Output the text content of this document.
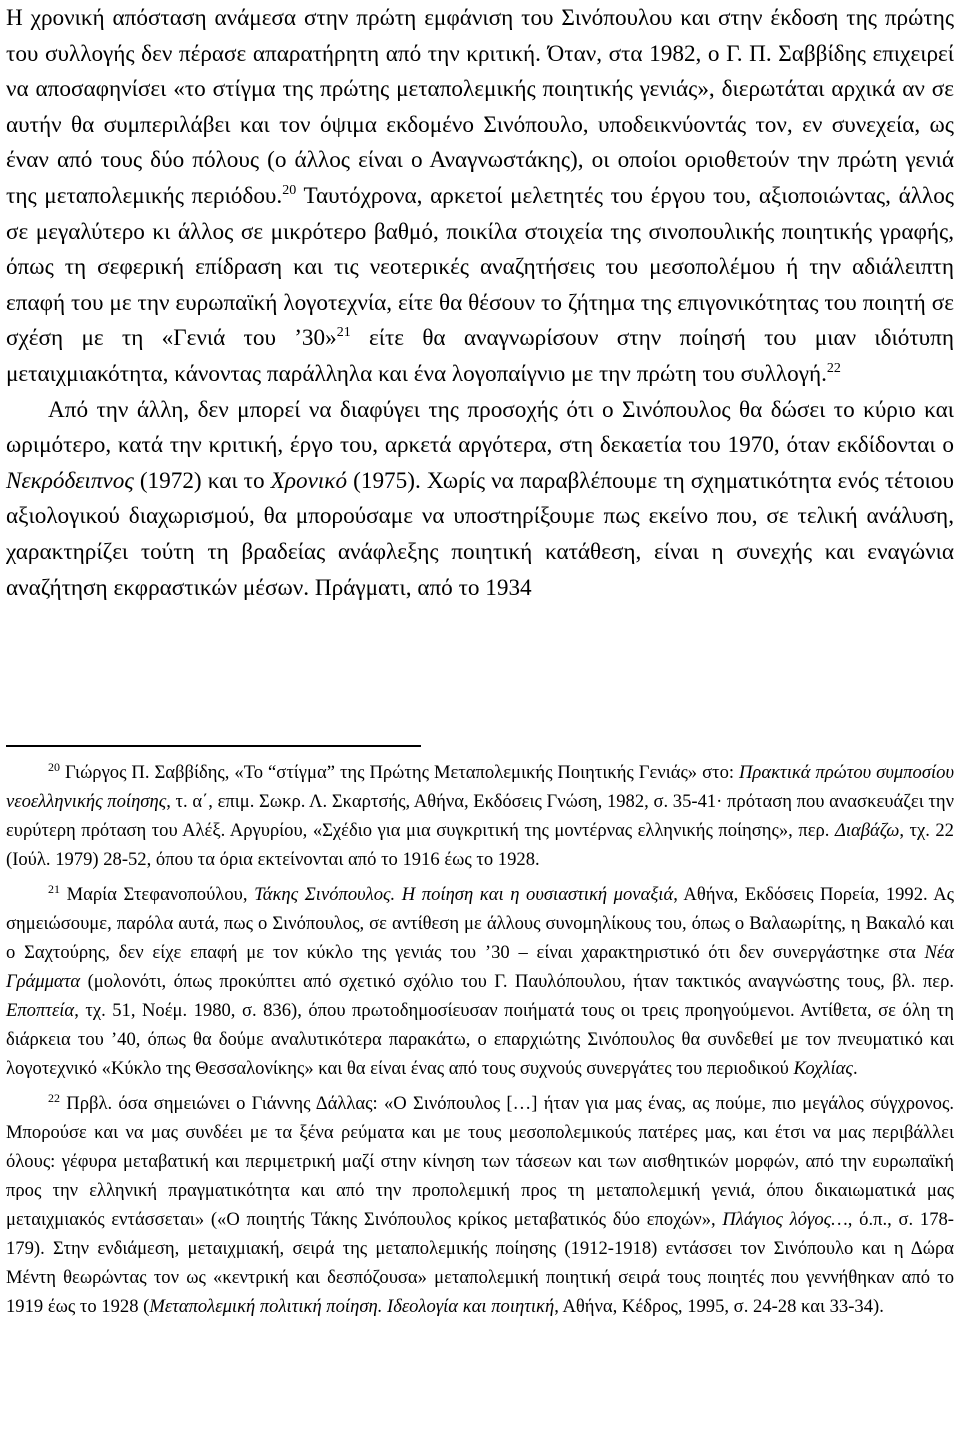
Η χρονική απόσταση ανάμεσα στην πρώτη εμφάνιση του Σινόπουλου και στην έκδοση της πρώτης του συλλογής δεν πέρασε απαρατήρητη από την κριτική. Όταν, στα 1982, ο Γ. Π. Σαββίδης επιχειρεί να αποσαφηνίσει «το στίγμα της πρώτης μεταπολεμικής ποιητικής γενιάς», διερωτάται αρχικά αν σε αυτήν θα συμπεριλάβει και τον όψιμα εκδομένο Σινόπουλο, υποδεικνύοντάς τον, εν συνεχεία, ως έναν από τους δύο πόλους (ο άλλος είναι ο Αναγνωστάκης), οι οποίοι οριοθετούν την πρώτη γενιά της μεταπολεμικής περιόδου.$^{20}$ Ταυτόχρονα, αρκετοί μελετητές του έργου του, αξιοποιώντας, άλλος σε μεγαλύτερο κι άλλος σε μικρότερο βαθμό, ποικίλα στοιχεία της σινοπουλικής ποιητικής γραφής, όπως τη σεφερική επίδραση και τις νεοτερικές αναζητήσεις του μεσοπολέμου ή την αδιάλειπτη επαφή του με την ευρωπαϊκή λογοτεχνία, είτε θα θέσουν το ζήτημα της επιγονικότητας του ποιητή σε σχέση με τη «Γενιά του ’30»$^{21}$ είτε θα αναγνωρίσουν στην ποίησή του μιαν ιδιότυπη μεταιχμιακότητα, κάνοντας παράλληλα και ένα λογοπαίγνιο με την πρώτη του συλλογή.$^{22}$

Από την άλλη, δεν μπορεί να διαφύγει της προσοχής ότι ο Σινόπουλος θα δώσει το κύριο και ωριμότερο, κατά την κριτική, έργο του, αρκετά αργότερα, στη δεκαετία του 1970, όταν εκδίδονται ο Νεκρόδειπνος (1972) και το Χρονικό (1975). Χωρίς να παραβλέπουμε τη σχηματικότητα ενός τέτοιου αξιολογικού διαχωρισμού, θα μπορούσαμε να υποστηρίξουμε πως εκείνο που, σε τελική ανάλυση, χαρακτηρίζει τούτη τη βραδείας ανάφλεξης ποιητική κατάθεση, είναι η συνεχής και εναγώνια αναζήτηση εκφραστικών μέσων. Πράγματι, από το 1934

$^{20}$ Γιώργος Π. Σαββίδης, «Το “στίγμα” της Πρώτης Μεταπολεμικής Ποιητικής Γενιάς» στο: Πρακτικά πρώτου συμποσίου νεοελληνικής ποίησης, τ. α΄, επιμ. Σωκρ. Λ. Σκαρτσής, Αθήνα, Εκδόσεις Γνώση, 1982, σ. 35-41· πρόταση που ανασκευάζει την ευρύτερη πρόταση του Αλέξ. Αργυρίου, «Σχέδιο για μια συγκριτική της μοντέρνας ελληνικής ποίησης», περ. Διαβάζω, τχ. 22 (Ιούλ. 1979) 28-52, όπου τα όρια εκτείνονται από το 1916 έως το 1928.

$^{21}$ Μαρία Στεφανοπούλου, Τάκης Σινόπουλος. Η ποίηση και η ουσιαστική μοναξιά, Αθήνα, Εκδόσεις Πορεία, 1992. Ας σημειώσουμε, παρόλα αυτά, πως ο Σινόπουλος, σε αντίθεση με άλλους συνομηλίκους του, όπως ο Βαλαωρίτης, η Βακαλό και ο Σαχτούρης, δεν είχε επαφή με τον κύκλο της γενιάς του ’30 – είναι χαρακτηριστικό ότι δεν συνεργάστηκε στα Νέα Γράμματα (μολονότι, όπως προκύπτει από σχετικό σχόλιο του Γ. Παυλόπουλου, ήταν τακτικός αναγνώστης τους, βλ. περ. Εποπτεία, τχ. 51, Νοέμ. 1980, σ. 836), όπου πρωτοδημοσίευσαν ποιήματά τους οι τρεις προηγούμενοι. Αντίθετα, σε όλη τη διάρκεια του ’40, όπως θα δούμε αναλυτικότερα παρακάτω, ο επαρχιώτης Σινόπουλος θα συνδεθεί με τον πνευματικό και λογοτεχνικό «Κύκλο της Θεσσαλονίκης» και θα είναι ένας από τους συχνούς συνεργάτες του περιοδικού Κοχλίας.

$^{22}$ Πρβλ. όσα σημειώνει ο Γιάννης Δάλλας: «Ο Σινόπουλος […] ήταν για μας ένας, ας πούμε, πιο μεγάλος σύγχρονος. Μπορούσε και να μας συνδέει με τα ξένα ρεύματα και με τους μεσοπολεμικούς πατέρες μας, και έτσι να μας περιβάλλει όλους: γέφυρα μεταβατική και περιμετρική μαζί στην κίνηση των τάσεων και των αισθητικών μορφών, από την ευρωπαϊκή προς την ελληνική πραγματικότητα και από την προπολεμική προς τη μεταπολεμική γενιά, όπου δικαιωματικά μας μεταιχμιακός εντάσσεται» («Ο ποιητής Τάκης Σινόπουλος κρίκος μεταβατικός δύο εποχών», Πλάγιος λόγος…, ό.π., σ. 178-179). Στην ενδιάμεση, μεταιχμιακή, σειρά της μεταπολεμικής ποίησης (1912-1918) εντάσσει τον Σινόπουλο και η Δώρα Μέντη θεωρώντας τον ως «κεντρική και δεσπόζουσα» μεταπολεμική ποιητική σειρά τους ποιητές που γεννήθηκαν από το 1919 έως το 1928 (Μεταπολεμική πολιτική ποίηση. Ιδεολογία και ποιητική, Αθήνα, Κέδρος, 1995, σ. 24-28 και 33-34).
